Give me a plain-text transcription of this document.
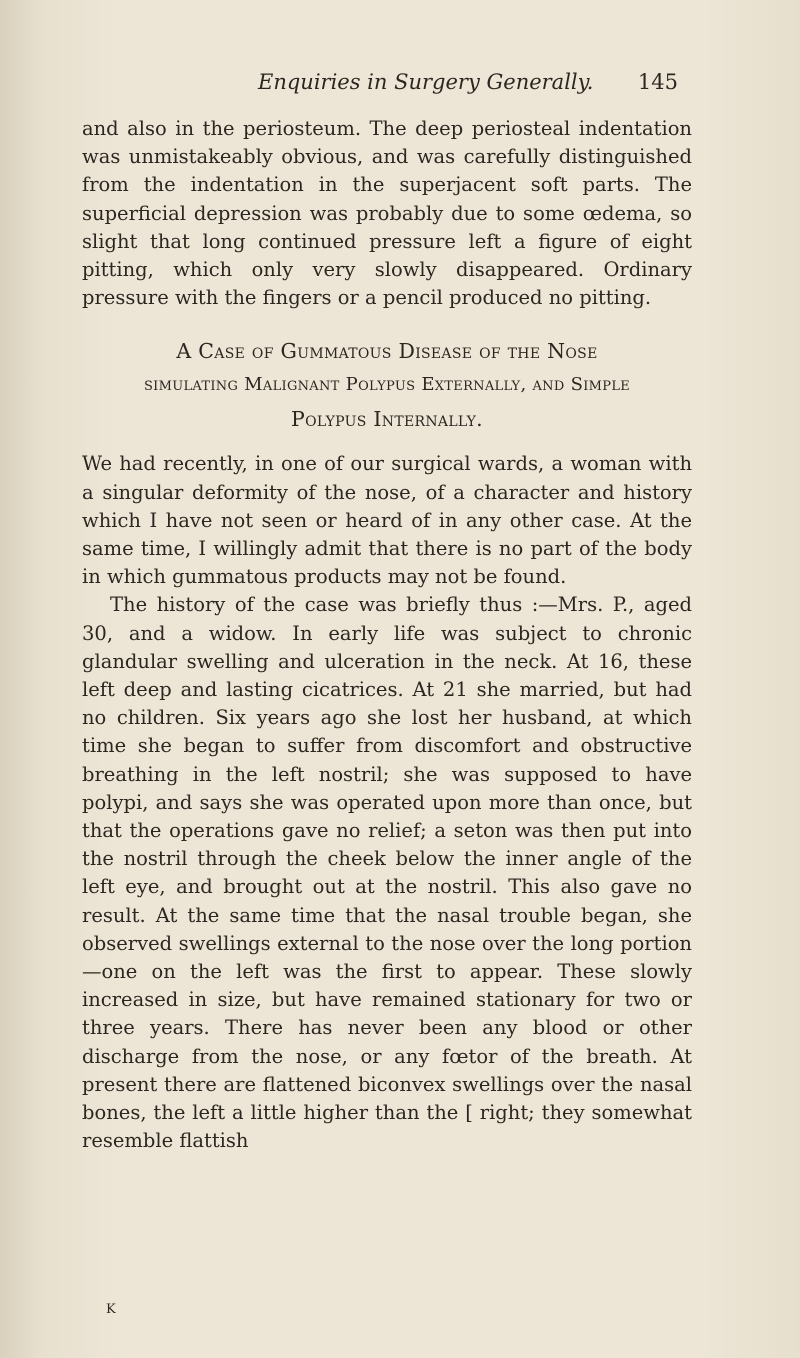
Enquiries in Surgery Generally. 145

and also in the periosteum. The deep periosteal indentation was unmistakeably obvious, and was carefully distinguished from the indentation in the superjacent soft parts. The superficial depression was probably due to some œdema, so slight that long continued pressure left a figure of eight pitting, which only very slowly disappeared. Ordinary pressure with the fingers or a pencil produced no pitting.

A Case of Gummatous Disease of the Nose
simulating Malignant Polypus Externally, and Simple
Polypus Internally.

We had recently, in one of our surgical wards, a woman with a singular deformity of the nose, of a character and history which I have not seen or heard of in any other case. At the same time, I willingly admit that there is no part of the body in which gummatous products may not be found.

The history of the case was briefly thus :—Mrs. P., aged 30, and a widow. In early life was subject to chronic glandular swelling and ulceration in the neck. At 16, these left deep and lasting cicatrices. At 21 she married, but had no children. Six years ago she lost her husband, at which time she began to suffer from discomfort and obstructive breathing in the left nostril; she was supposed to have polypi, and says she was operated upon more than once, but that the operations gave no relief; a seton was then put into the nostril through the cheek below the inner angle of the left eye, and brought out at the nostril. This also gave no result. At the same time that the nasal trouble began, she observed swellings external to the nose over the long portion—one on the left was the first to appear. These slowly increased in size, but have remained stationary for two or three years. There has never been any blood or other discharge from the nose, or any fœtor of the breath. At present there are flattened biconvex swellings over the nasal bones, the left a little higher than the [ right; they somewhat resemble flattish

K
